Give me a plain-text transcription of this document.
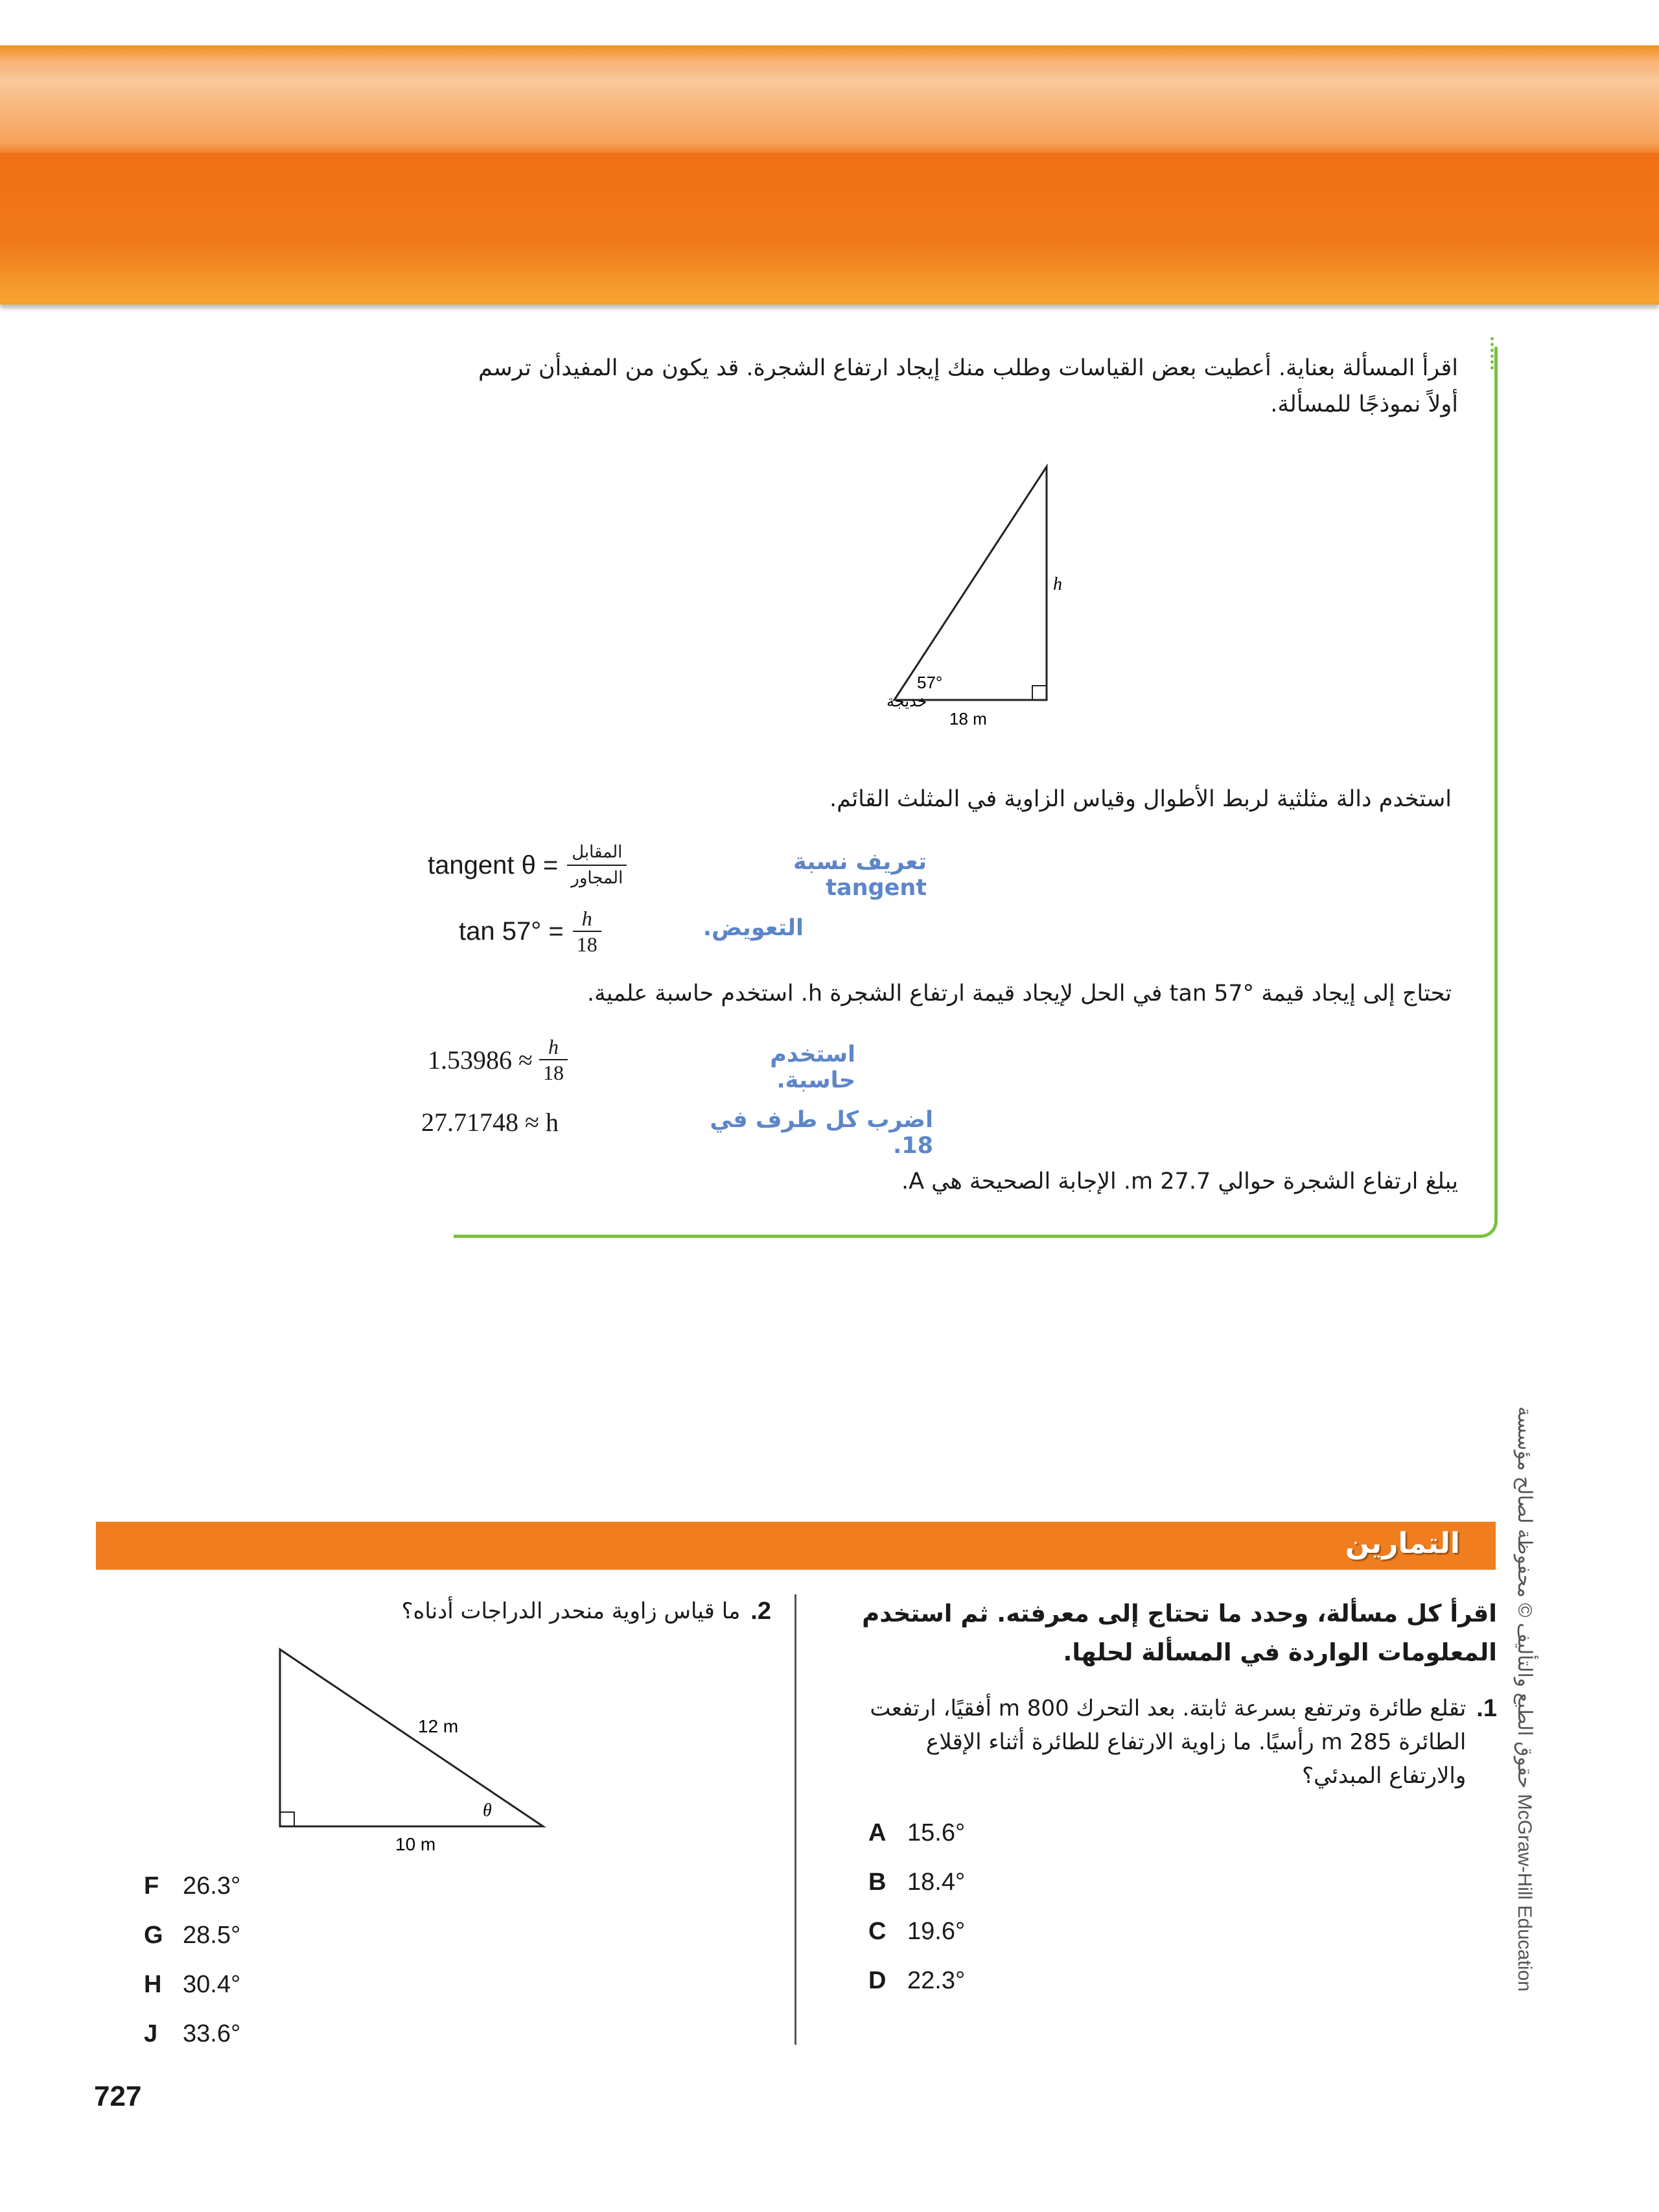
اقرأ المسألة بعناية. أعطيت بعض القياسات وطلب منك إيجاد ارتفاع الشجرة. قد يكون من المفيدأن ترسم أولاً نموذجًا للمسألة.
h
57°
18 m
خديجة
استخدم دالة مثلثية لربط الأطوال وقياس الزاوية في المثلث القائم.
tangent $\theta = \frac{\text{المقابل}}{\text{المجاور}}$	تعريف نسبة tangent
$\tan 57^\circ = \frac{h}{18}$	التعويض.
تحتاج إلى إيجاد قيمة tan 57° في الحل لإيجاد قيمة ارتفاع الشجرة h. استخدم حاسبة علمية.
$1.53986 \approx \frac{h}{18}$	استخدم حاسبة.
27.71748 ≈ h	اضرب كل طرف في 18.
يبلغ ارتفاع الشجرة حوالي 27.7 m. الإجابة الصحيحة هي A.
التمارين
اقرأ كل مسألة، وحدد ما تحتاج إلى معرفته. ثم استخدم المعلومات الواردة في المسألة لحلها.
1.
تقلع طائرة وترتفع بسرعة ثابتة. بعد التحرك 800 m أفقيًا، ارتفعت الطائرة 285 m رأسيًا. ما زاوية الارتفاع للطائرة أثناء الإقلاع والارتفاع المبدئي؟
A 15.6°
B 18.4°
C 19.6°
D 22.3°
2.
ما قياس زاوية منحدر الدراجات أدناه؟
12 m
θ
10 m
F 26.3°
G 28.5°
H 30.4°
J 33.6°
حقوق الطبع والتأليف © محفوظة لصالح مؤسسة McGraw-Hill Education
727
